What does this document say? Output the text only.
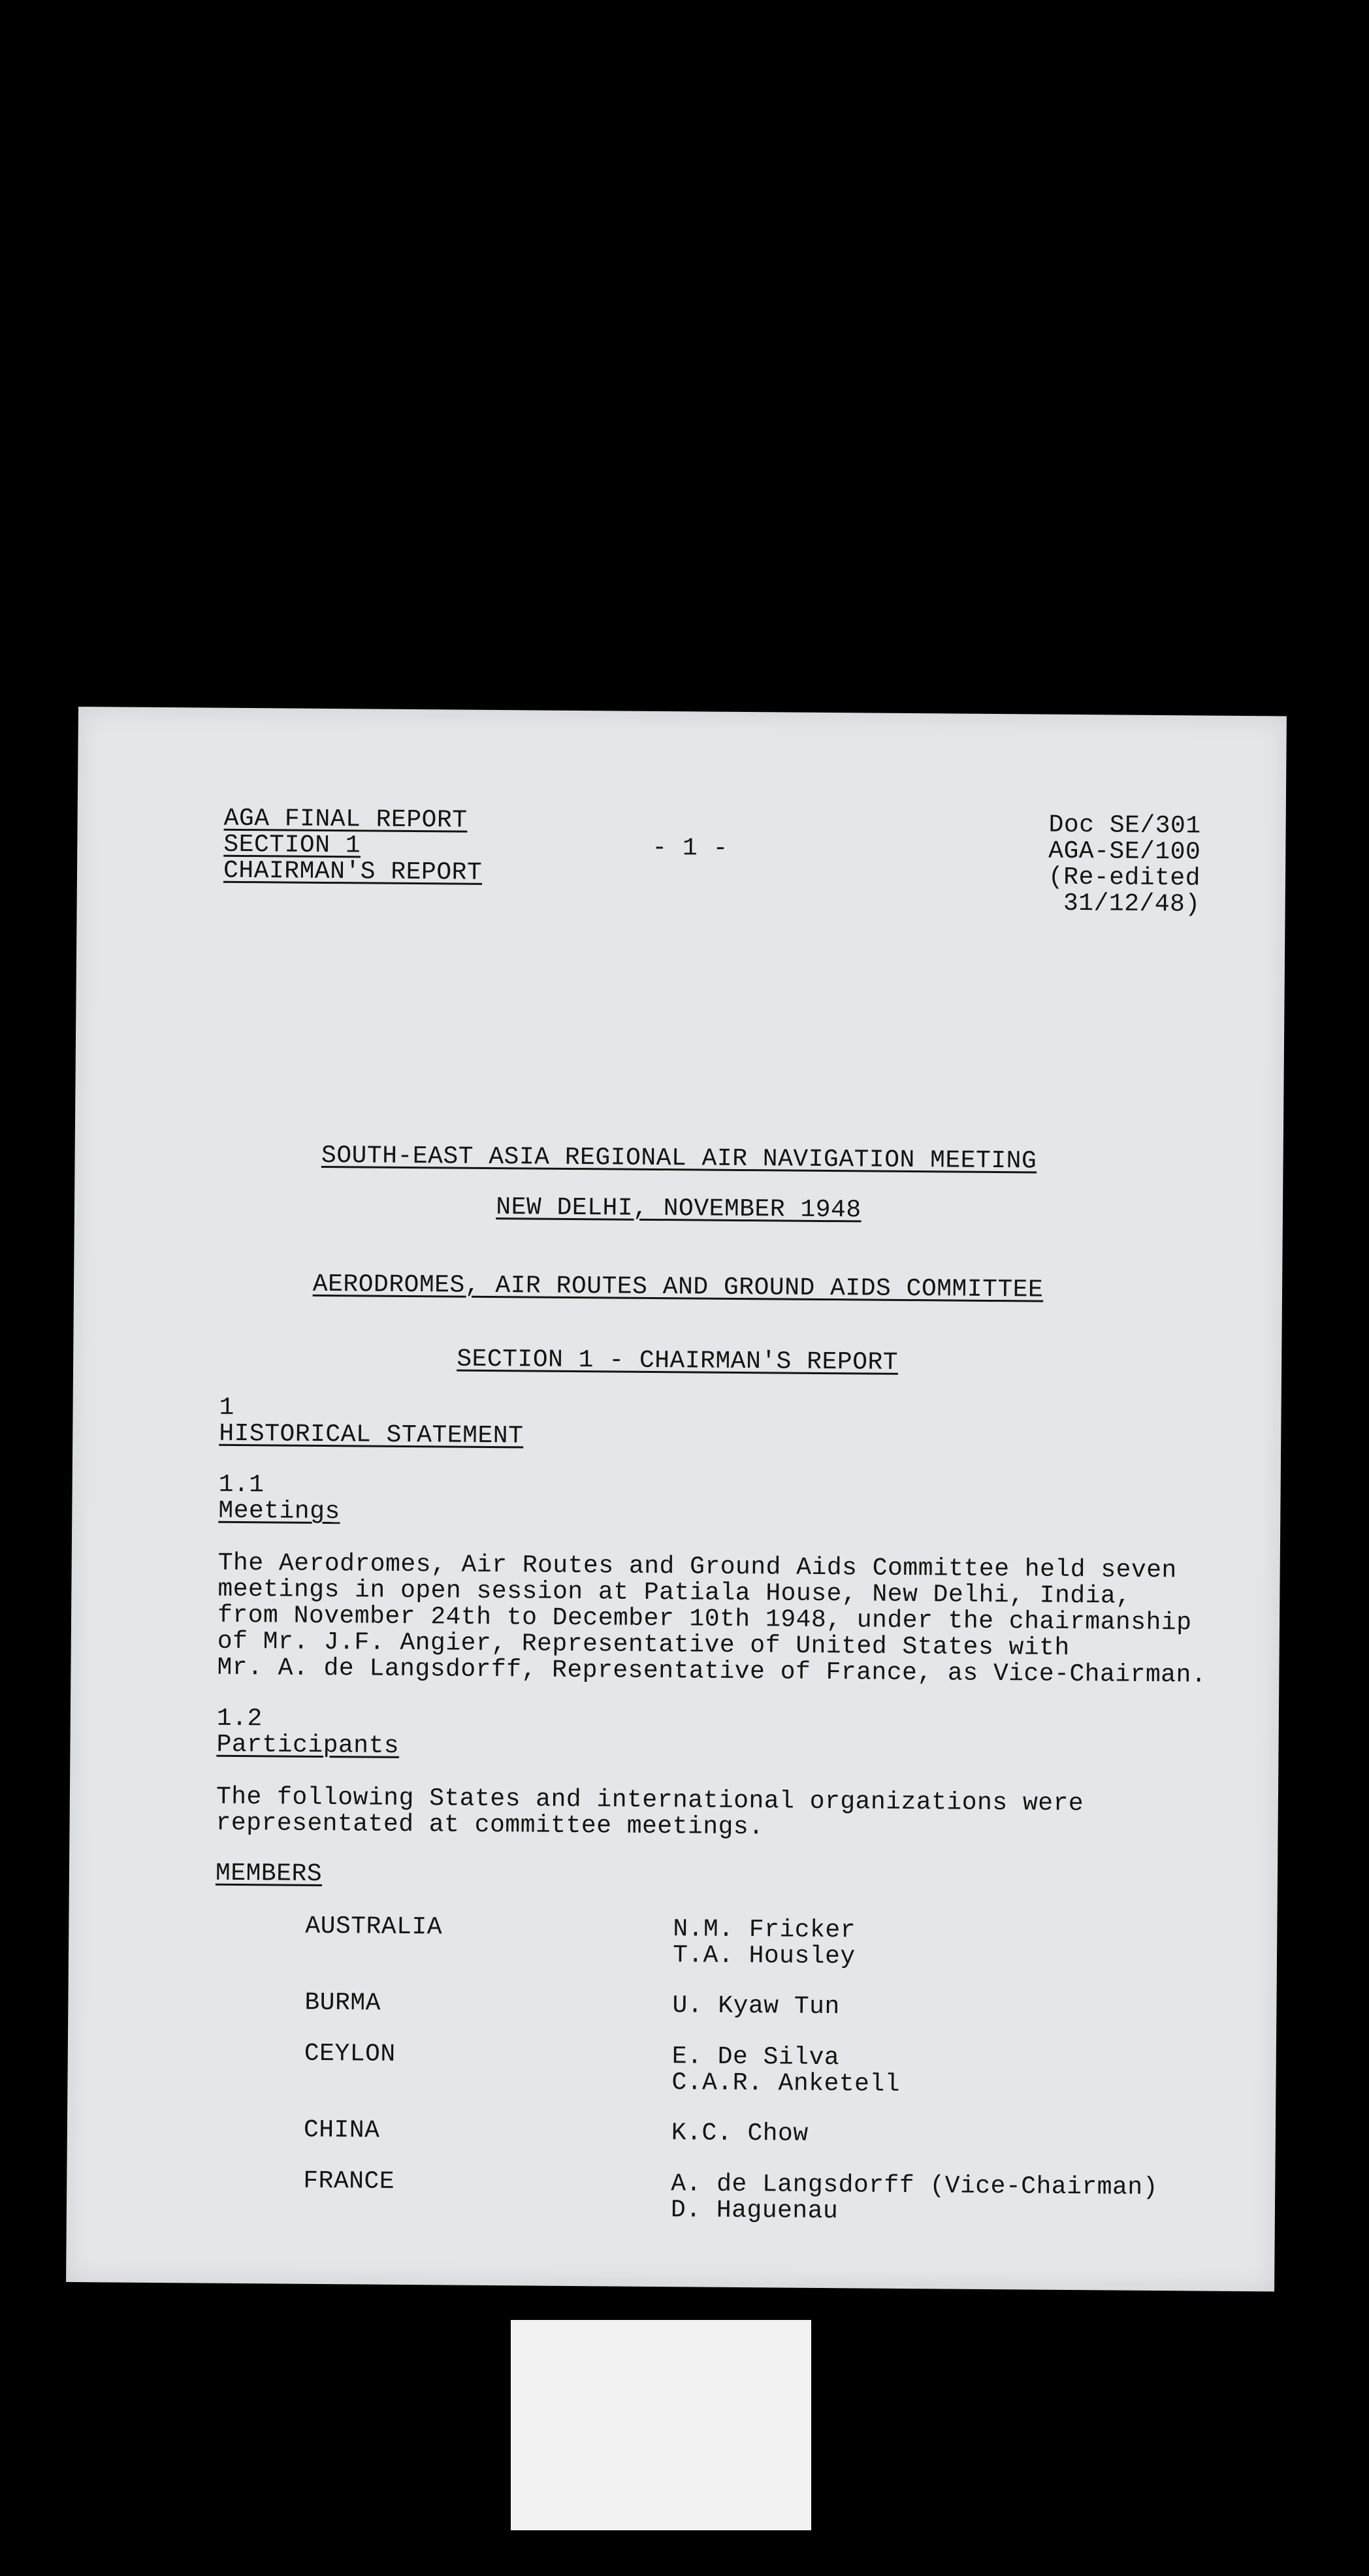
AGA FINAL REPORT
SECTION 1
CHAIRMAN'S REPORT
- 1 -
Doc SE/301
AGA-SE/100
(Re-edited
31/12/48)
SOUTH-EAST ASIA REGIONAL AIR NAVIGATION MEETING
NEW DELHI, NOVEMBER 1948
AERODROMES, AIR ROUTES AND GROUND AIDS COMMITTEE
SECTION 1 - CHAIRMAN'S REPORT
1
HISTORICAL STATEMENT
1.1
Meetings
The Aerodromes, Air Routes and Ground Aids Committee held seven
meetings in open session at Patiala House, New Delhi, India,
from November 24th to December 10th 1948, under the chairmanship
of Mr. J.F. Angier, Representative of United States with
Mr. A. de Langsdorff, Representative of France, as Vice-Chairman.
1.2
Participants
The following States and international organizations were
representated at committee meetings.
MEMBERS
AUSTRALIA	N.M. Fricker
T.A. Housley
BURMA	U. Kyaw Tun
CEYLON	E. De Silva
C.A.R. Anketell
CHINA	K.C. Chow
FRANCE	A. de Langsdorff (Vice-Chairman)
D. Haguenau
